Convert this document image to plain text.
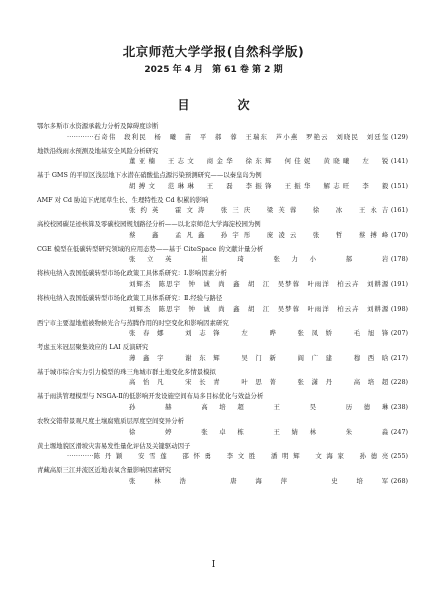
北京师范大学学报(自然科学版)
2025 年 4 月　第 61 卷 第 2 期
目　次
鄂尔多斯市水资源承载力分析及障碍度诊断
············ 石奇伟　段利民　杨　曦　苗　平　郝　蓉　王瑞东　芦小燕　罗艳云　刘晓民　刘廷玺 (129)
地铁沿线雨水预测及地基安全风险分析研究
董亚楠　王志文　商金华　徐东辉　何佳妮　黄晓曦　左　锐 (141)
基于 GMS 的平原区浅层地下水潜在硝酸盐点源污染预测研究——以秦皇岛为例
胡搏文　范琳琳　王　磊　李振锋　王振华　解志旺　李　毅 (151)
AMF 对 Cd 胁迫下虎尾草生长、生理特性及 Cd 积累的影响
张约英　霍文涛　张三庆　梁芙蓉　徐　冰　王永吉 (161)
高校校园碳足迹核算及零碳校园规划路径分析——以北京师范大学海淀校园为例
蔡　鑫　孟凡鑫　孙宇彤　庞凌云　张　哲　蔡搏峰 (170)
CGE 模型在低碳转型研究领域的应用态势——基于 CiteSpace 的文献计量分析
张立英　崔　琦　张力小　郝　岩 (178)
将核电纳入我国低碳转型市场化政策工具体系研究：Ⅰ.影响因素分析
刘辉杰　陈思宇　钟　诚　尚　鑫　胡　江　吴梦蓉　叶雨洋　柏云卉　刘耕源 (191)
将核电纳入我国低碳转型市场化政策工具体系研究：Ⅱ.经验与路径
刘辉杰　陈思宇　钟　诚　尚　鑫　胡　江　吴梦蓉　叶雨洋　柏云卉　刘耕源 (198)
西宁市主要湿地植被物候光合与蒸腾作用的时空变化和影响因素研究
张春娜　刘志锋　左　晔　张凤娇　毛旭锋 (207)
考虑玉米冠层聚集效应的 LAI 反演研究
薄鑫宇　谢东辉　吴门新　阎广建　穆西晗 (217)
基于城市综合实力引力模型的珠三角城市群土地变化多情景模拟
高怡凡　宋长青　叶思菁　张潇丹　高培超 (228)
基于雨洪管理模型与 NSGA-Ⅱ的低影响开发设施空间布局多目标优化与效益分析
孙　赫　高培超　王　昊　历德琳 (238)
农牧交错带景观尺度土壤腐殖质层厚度空间变异分析
徐　婷　张卓栋　王婧林　朱　淼 (247)
黄土塬地貌区滑坡灾害易发性量化评估及关键驱动因子
············ 陈丹颖　安雪莲　邵怀勇　李文胜　潘明辉　文海家　孙德亮 (255)
青藏高原三江并流区近地表氧含量影响因素研究
张林浩　唐海萍　史培军 (268)
Ⅰ
